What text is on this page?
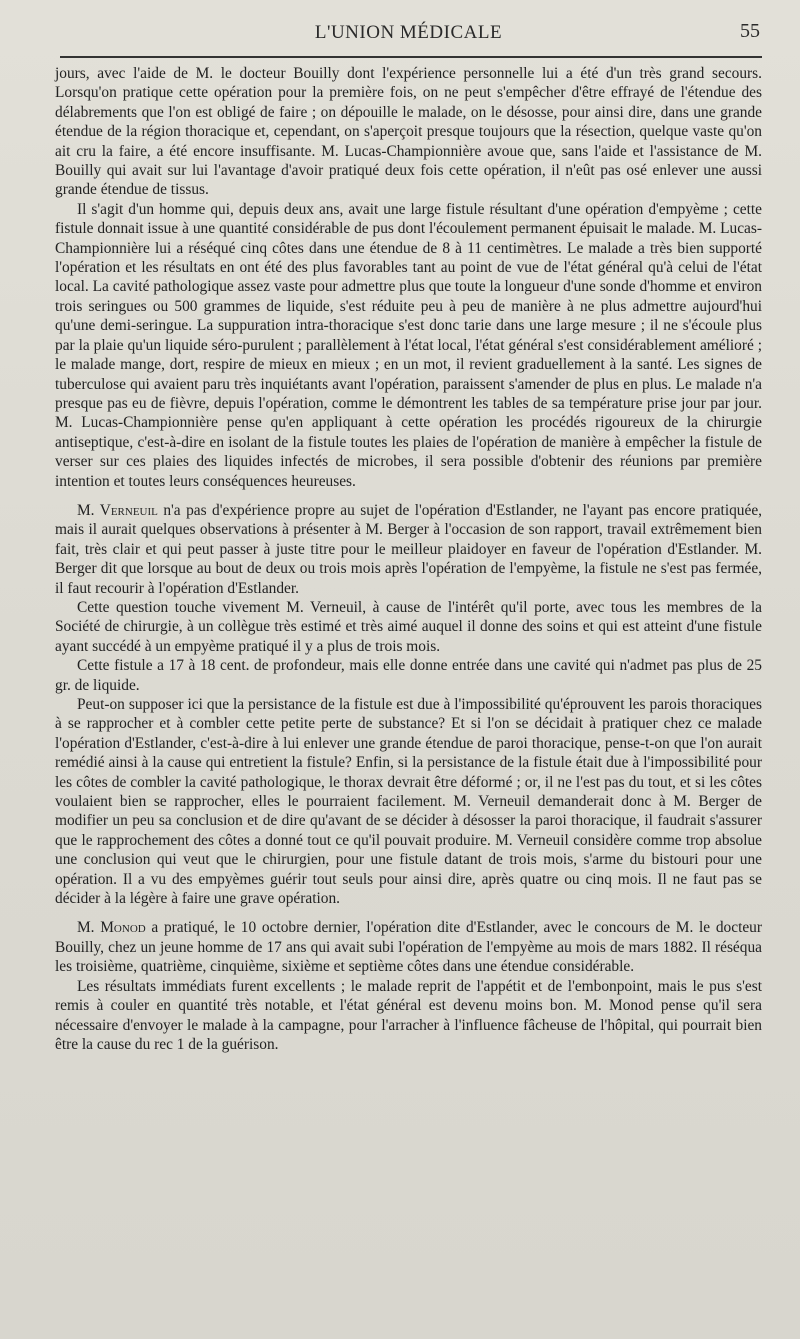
L'UNION MÉDICALE	55

jours, avec l'aide de M. le docteur Bouilly dont l'expérience personnelle lui a été d'un très grand secours. Lorsqu'on pratique cette opération pour la première fois, on ne peut s'empêcher d'être effrayé de l'étendue des délabrements que l'on est obligé de faire ; on dépouille le malade, on le désosse, pour ainsi dire, dans une grande étendue de la région thoracique et, cependant, on s'aperçoit presque toujours que la résection, quelque vaste qu'on ait cru la faire, a été encore insuffisante. M. Lucas-Championnière avoue que, sans l'aide et l'assistance de M. Bouilly qui avait sur lui l'avantage d'avoir pratiqué deux fois cette opération, il n'eût pas osé enlever une aussi grande étendue de tissus.

Il s'agit d'un homme qui, depuis deux ans, avait une large fistule résultant d'une opération d'empyème ; cette fistule donnait issue à une quantité considérable de pus dont l'écoulement permanent épuisait le malade. M. Lucas-Championnière lui a réséqué cinq côtes dans une étendue de 8 à 11 centimètres. Le malade a très bien supporté l'opération et les résultats en ont été des plus favorables tant au point de vue de l'état général qu'à celui de l'état local. La cavité pathologique assez vaste pour admettre plus que toute la longueur d'une sonde d'homme et environ trois seringues ou 500 grammes de liquide, s'est réduite peu à peu de manière à ne plus admettre aujourd'hui qu'une demi-seringue. La suppuration intra-thoracique s'est donc tarie dans une large mesure ; il ne s'écoule plus par la plaie qu'un liquide séro-purulent ; parallèlement à l'état local, l'état général s'est considérablement amélioré ; le malade mange, dort, respire de mieux en mieux ; en un mot, il revient graduellement à la santé. Les signes de tuberculose qui avaient paru très inquiétants avant l'opération, paraissent s'amender de plus en plus. Le malade n'a presque pas eu de fièvre, depuis l'opération, comme le démontrent les tables de sa température prise jour par jour. M. Lucas-Championnière pense qu'en appliquant à cette opération les procédés rigoureux de la chirurgie antiseptique, c'est-à-dire en isolant de la fistule toutes les plaies de l'opération de manière à empêcher la fistule de verser sur ces plaies des liquides infectés de microbes, il sera possible d'obtenir des réunions par première intention et toutes leurs conséquences heureuses.

M. Verneuil n'a pas d'expérience propre au sujet de l'opération d'Estlander, ne l'ayant pas encore pratiquée, mais il aurait quelques observations à présenter à M. Berger à l'occasion de son rapport, travail extrêmement bien fait, très clair et qui peut passer à juste titre pour le meilleur plaidoyer en faveur de l'opération d'Estlander. M. Berger dit que lorsque au bout de deux ou trois mois après l'opération de l'empyème, la fistule ne s'est pas fermée, il faut recourir à l'opération d'Estlander.

Cette question touche vivement M. Verneuil, à cause de l'intérêt qu'il porte, avec tous les membres de la Société de chirurgie, à un collègue très estimé et très aimé auquel il donne des soins et qui est atteint d'une fistule ayant succédé à un empyème pratiqué il y a plus de trois mois.

Cette fistule a 17 à 18 cent. de profondeur, mais elle donne entrée dans une cavité qui n'admet pas plus de 25 gr. de liquide.

Peut-on supposer ici que la persistance de la fistule est due à l'impossibilité qu'éprouvent les parois thoraciques à se rapprocher et à combler cette petite perte de substance? Et si l'on se décidait à pratiquer chez ce malade l'opération d'Estlander, c'est-à-dire à lui enlever une grande étendue de paroi thoracique, pense-t-on que l'on aurait remédié ainsi à la cause qui entretient la fistule? Enfin, si la persistance de la fistule était due à l'impossibilité pour les côtes de combler la cavité pathologique, le thorax devrait être déformé ; or, il ne l'est pas du tout, et si les côtes voulaient bien se rapprocher, elles le pourraient facilement. M. Verneuil demanderait donc à M. Berger de modifier un peu sa conclusion et de dire qu'avant de se décider à désosser la paroi thoracique, il faudrait s'assurer que le rapprochement des côtes a donné tout ce qu'il pouvait produire. M. Verneuil considère comme trop absolue une conclusion qui veut que le chirurgien, pour une fistule datant de trois mois, s'arme du bistouri pour une opération. Il a vu des empyèmes guérir tout seuls pour ainsi dire, après quatre ou cinq mois. Il ne faut pas se décider à la légère à faire une grave opération.

M. Monod a pratiqué, le 10 octobre dernier, l'opération dite d'Estlander, avec le concours de M. le docteur Bouilly, chez un jeune homme de 17 ans qui avait subi l'opération de l'empyème au mois de mars 1882. Il réséqua les troisième, quatrième, cinquième, sixième et septième côtes dans une étendue considérable.

Les résultats immédiats furent excellents ; le malade reprit de l'appétit et de l'embonpoint, mais le pus s'est remis à couler en quantité très notable, et l'état général est devenu moins bon. M. Monod pense qu'il sera nécessaire d'envoyer le malade à la campagne, pour l'arracher à l'influence fâcheuse de l'hôpital, qui pourrait bien être la cause du rec 1 de la guérison.
